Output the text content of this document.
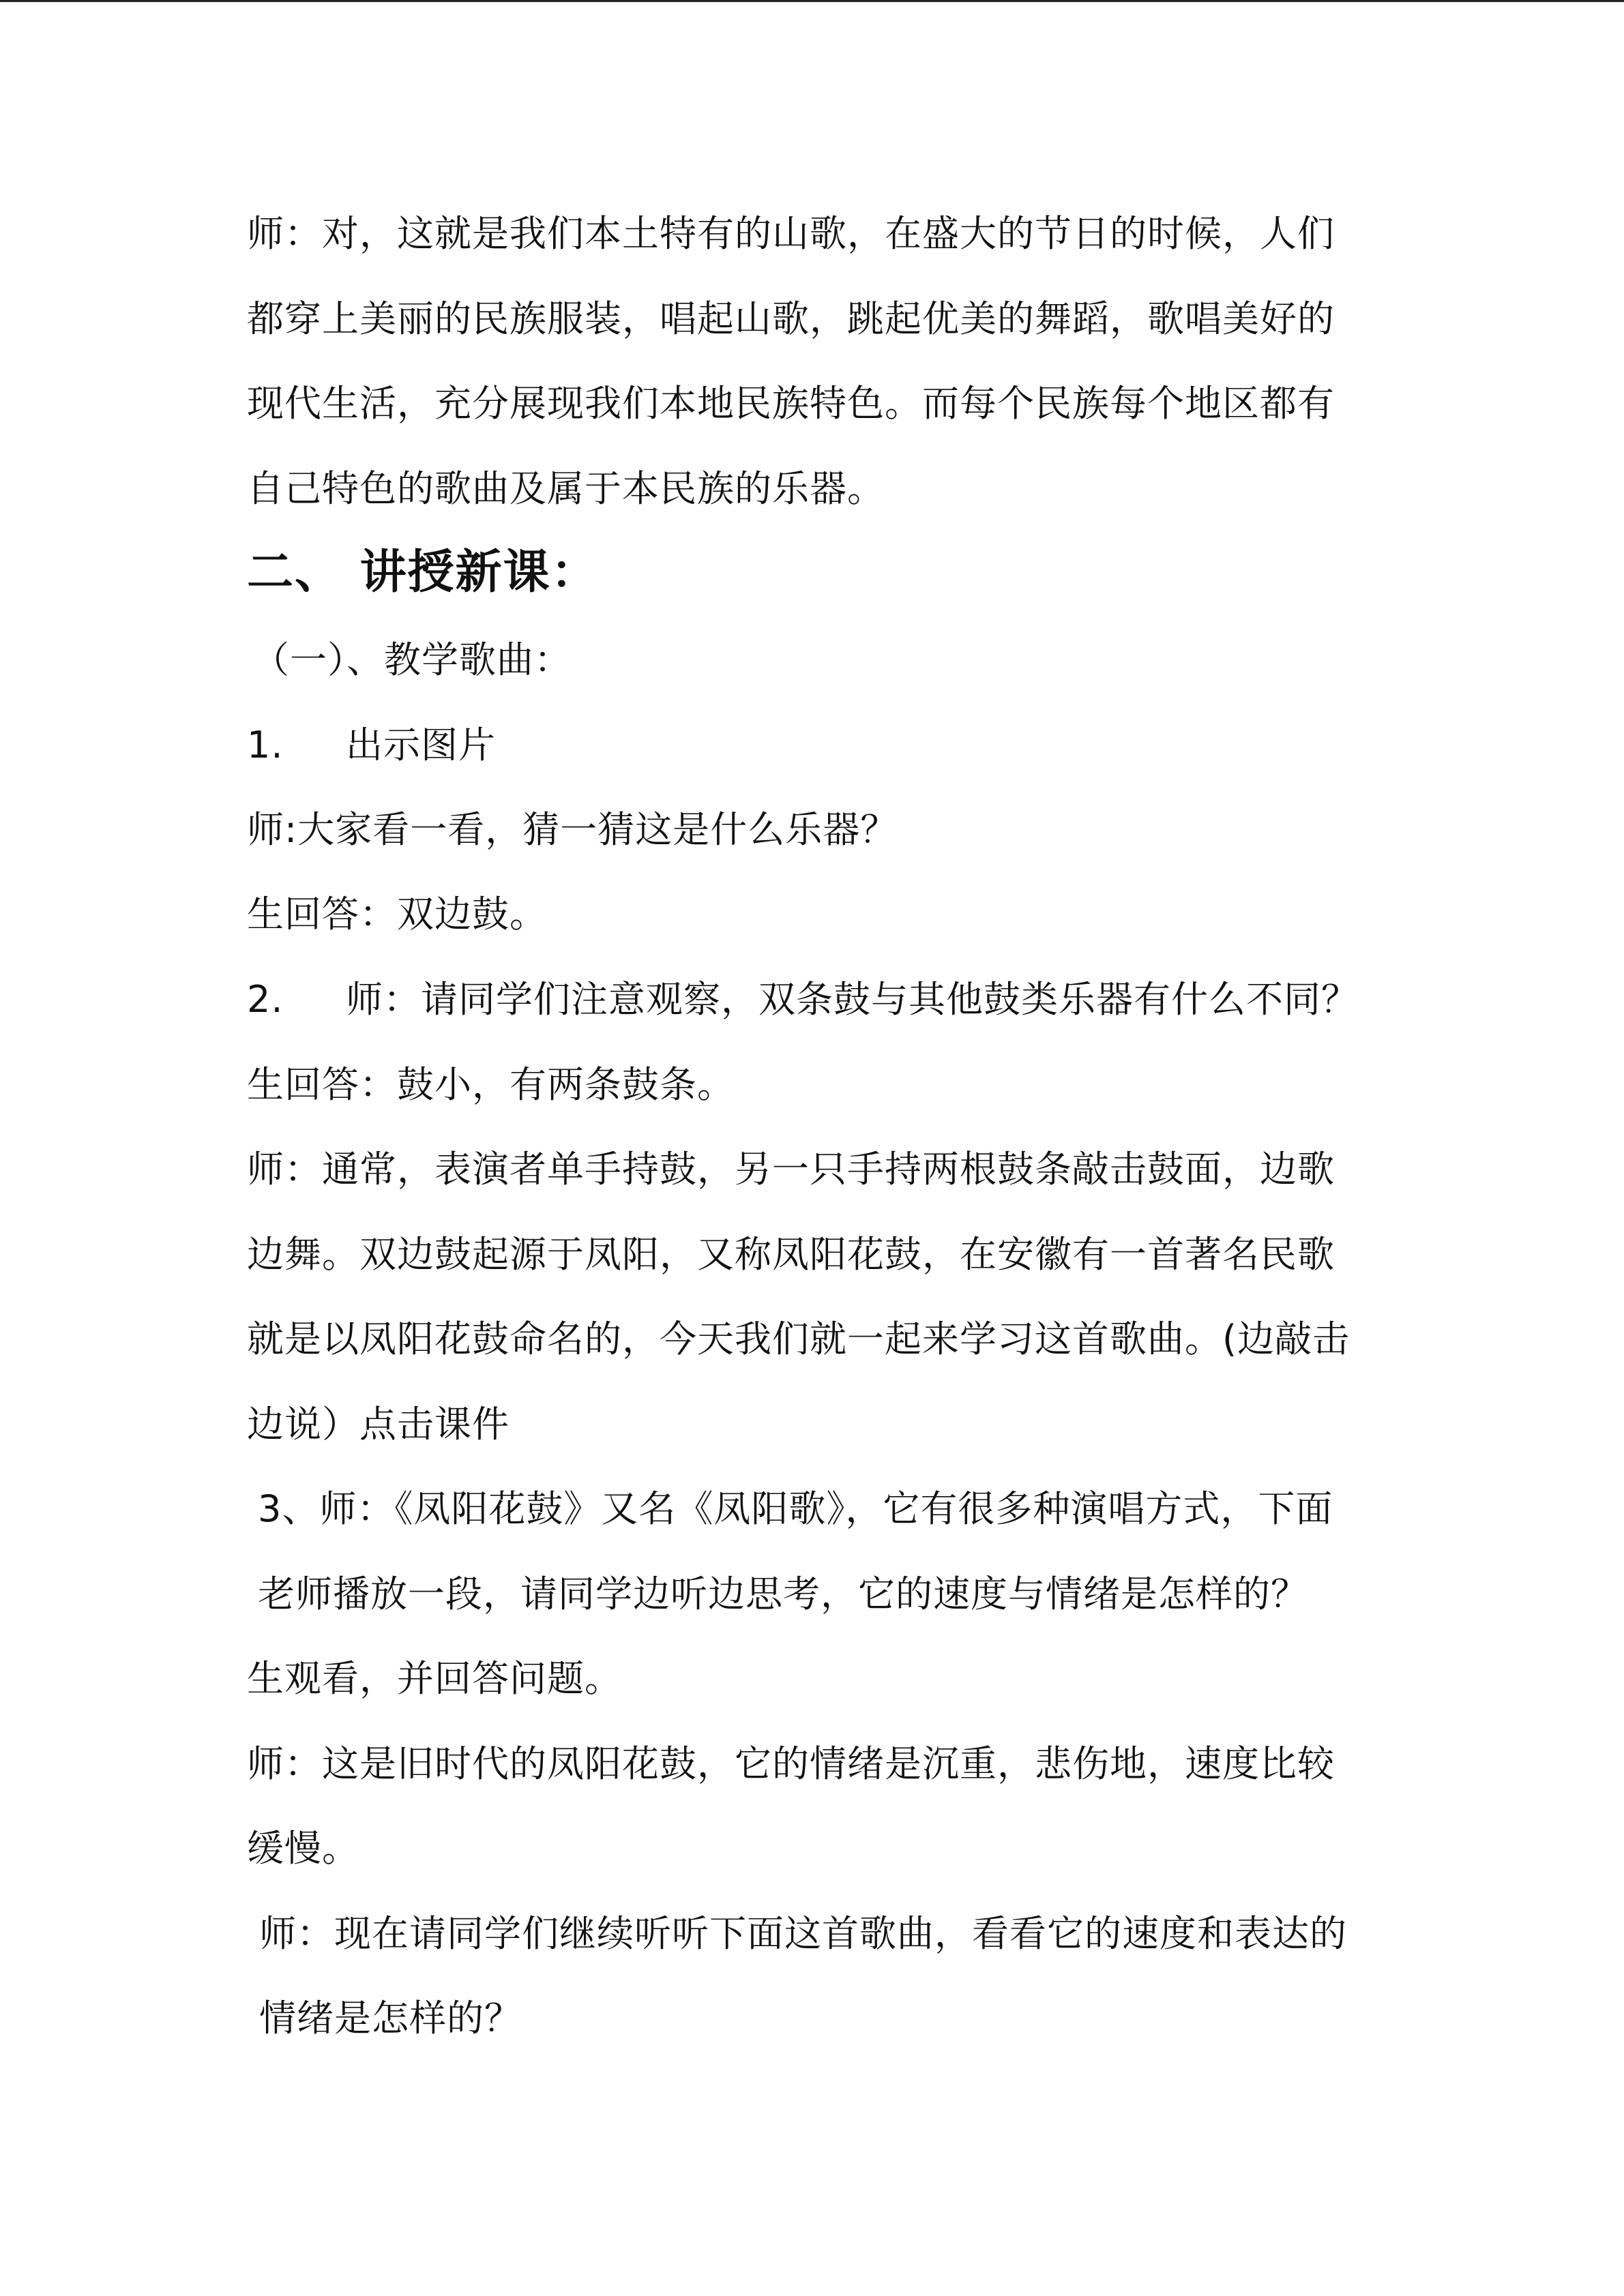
师：对，这就是我们本土特有的山歌，在盛大的节日的时候，人们
都穿上美丽的民族服装，唱起山歌，跳起优美的舞蹈，歌唱美好的
现代生活，充分展现我们本地民族特色。而每个民族每个地区都有
自己特色的歌曲及属于本民族的乐器。
二、 讲授新课：
（一）、教学歌曲：
1. 出示图片
师:大家看一看，猜一猜这是什么乐器？
生回答：双边鼓。
2. 师：请同学们注意观察，双条鼓与其他鼓类乐器有什么不同？
生回答：鼓小，有两条鼓条。
师：通常，表演者单手持鼓，另一只手持两根鼓条敲击鼓面，边歌
边舞。双边鼓起源于凤阳，又称凤阳花鼓，在安徽有一首著名民歌
就是以凤阳花鼓命名的，今天我们就一起来学习这首歌曲。(边敲击
边说）点击课件
3、师：《凤阳花鼓》又名《凤阳歌》，它有很多种演唱方式，下面
老师播放一段，请同学边听边思考，它的速度与情绪是怎样的？
生观看，并回答问题。
师：这是旧时代的凤阳花鼓，它的情绪是沉重，悲伤地，速度比较
缓慢。
师：现在请同学们继续听听下面这首歌曲，看看它的速度和表达的
情绪是怎样的？
